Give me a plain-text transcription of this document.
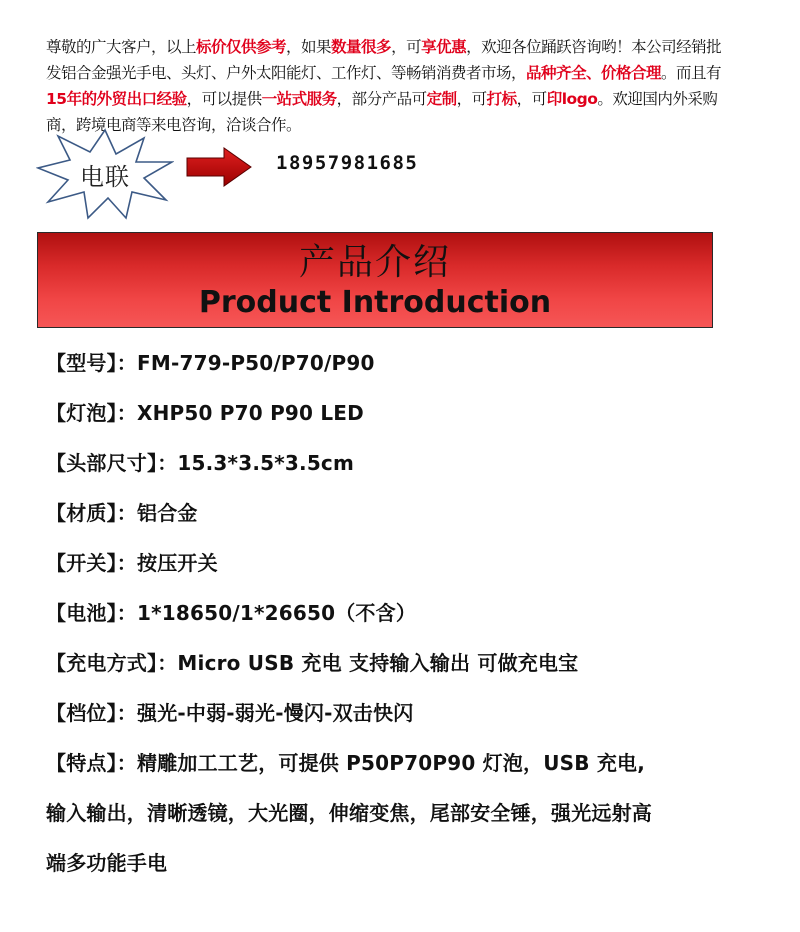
尊敬的广大客户，以上标价仅供参考，如果数量很多，可享优惠，欢迎各位踊跃咨询哟！本公司经销批发铝合金强光手电、头灯、户外太阳能灯、工作灯、等畅销消费者市场，品种齐全、价格合理。而且有15年的外贸出口经验，可以提供一站式服务，部分产品可定制，可打标，可印logo。欢迎国内外采购商，跨境电商等来电咨询，洽谈合作。
电联	18957981685
产品介绍
Product Introduction
【型号】：FM-779-P50/P70/P90
【灯泡】：XHP50 P70 P90 LED
【头部尺寸】：15.3*3.5*3.5cm
【材质】：铝合金
【开关】：按压开关
【电池】：1*18650/1*26650（不含）
【充电方式】：Micro USB 充电 支持输入输出 可做充电宝
【档位】：强光-中弱-弱光-慢闪-双击快闪
【特点】：精雕加工工艺，可提供 P50P70P90 灯泡，USB 充电,
输入输出，清晰透镜，大光圈，伸缩变焦，尾部安全锤，强光远射高
端多功能手电
